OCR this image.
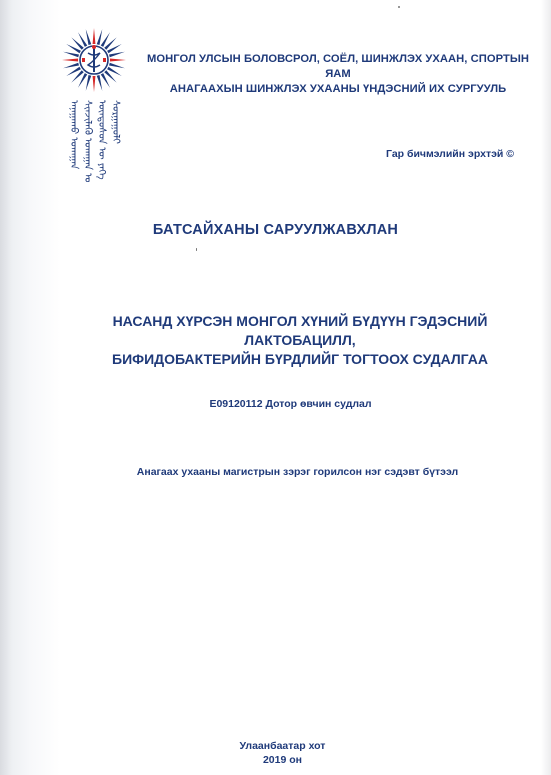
ᠠᠨᠠᠭᠠᠬᠤ ᠤᠬᠠᠭᠠᠨ ᠰᠢᠨᠵᠢᠯᠡᠬᠦ ᠤᠬᠠᠭᠠᠨ ᠤ ᠦᠨᠳᠦᠰᠦᠨ ᠦ ᠶᠡᠬᠡ ᠰᠤᠷᠭᠠᠭᠤᠯᠢ
МОНГОЛ УЛСЫН БОЛОВСРОЛ, СОЁЛ, ШИНЖЛЭХ УХААН, СПОРТЫН ЯАМ
АНАГААХЫН ШИНЖЛЭХ УХААНЫ ҮНДЭСНИЙ ИХ СУРГУУЛЬ
Гар бичмэлийн эрхтэй ©
БАТСАЙХАНЫ САРУУЛЖАВХЛАН
НАСАНД ХҮРСЭН МОНГОЛ ХҮНИЙ БҮДҮҮН ГЭДЭСНИЙ ЛАКТОБАЦИЛЛ,
БИФИДОБАКТЕРИЙН БҮРДЛИЙГ ТОГТООХ СУДАЛГАА
E09120112 Дотор өвчин судлал
Анагаах ухааны магистрын зэрэг горилсон нэг сэдэвт бүтээл
Улаанбаатар хот
2019 он
